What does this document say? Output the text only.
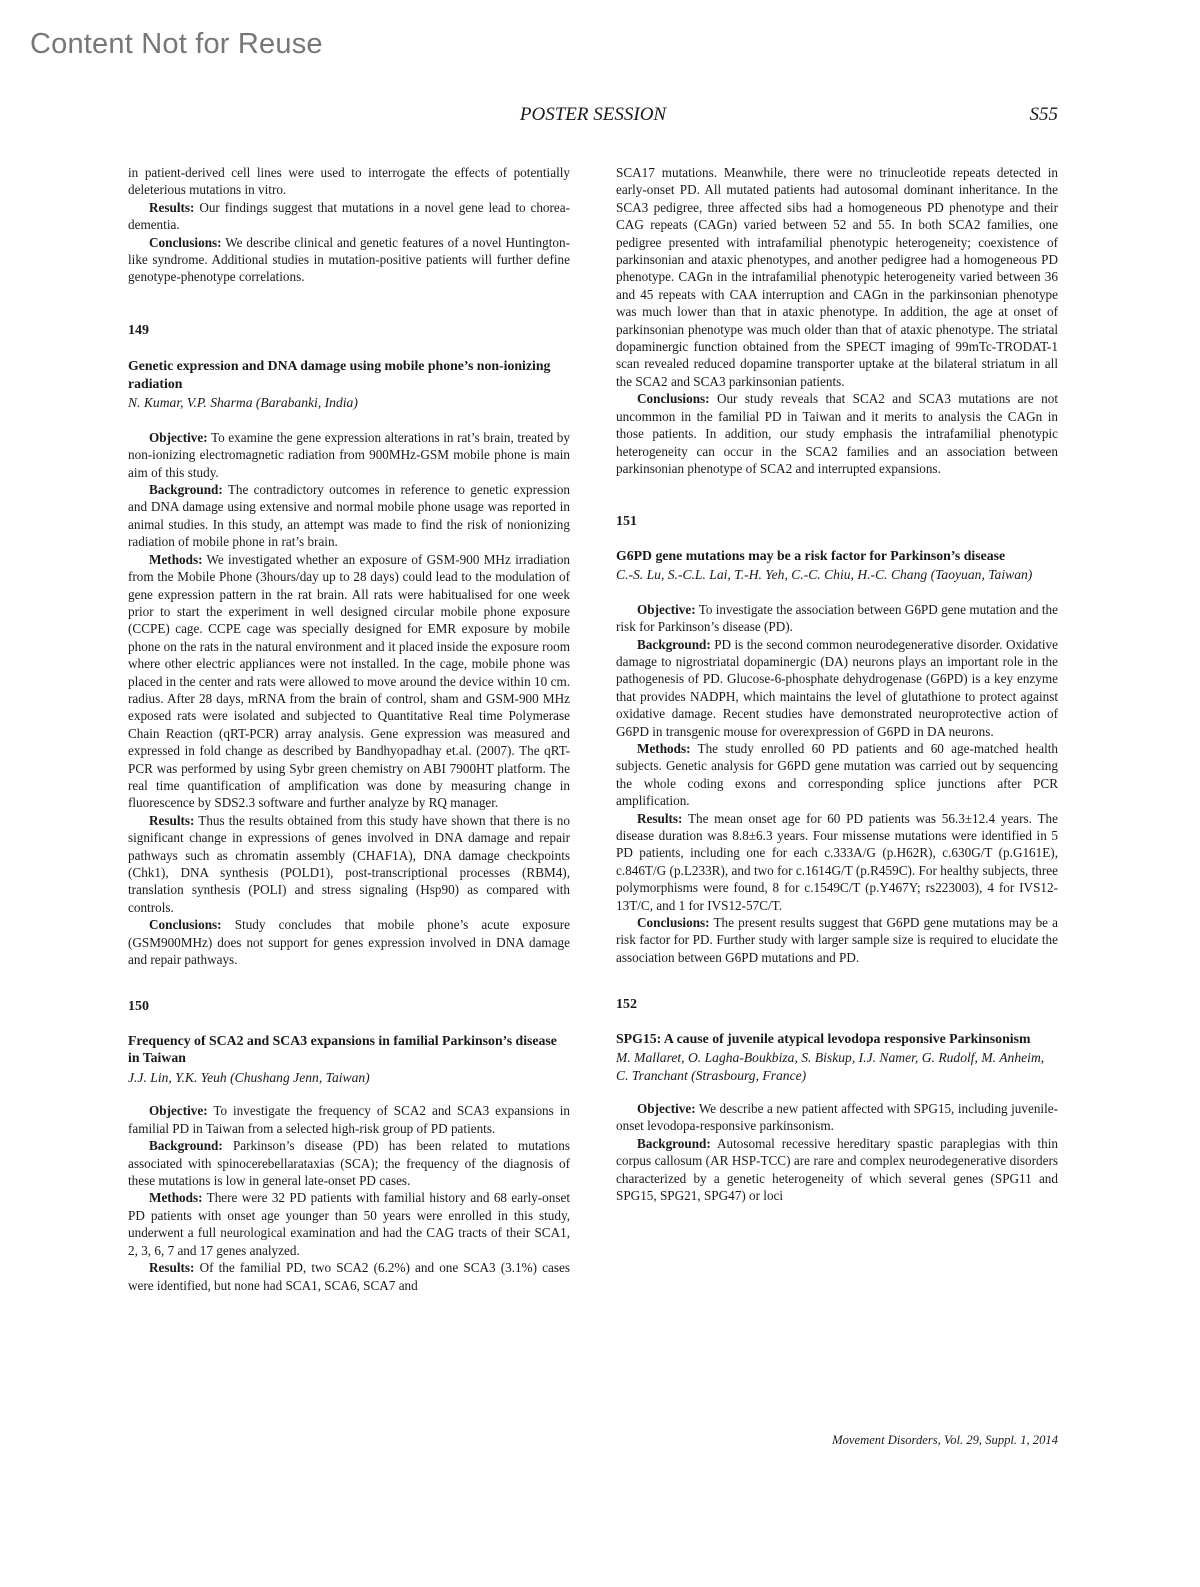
Content Not for Reuse
POSTER SESSION	S55

in patient-derived cell lines were used to interrogate the effects of potentially deleterious mutations in vitro.

Results: Our findings suggest that mutations in a novel gene lead to chorea-dementia.

Conclusions: We describe clinical and genetic features of a novel Huntington-like syndrome. Additional studies in mutation-positive patients will further define genotype-phenotype correlations.

149

Genetic expression and DNA damage using mobile phone’s non-ionizing radiation

N. Kumar, V.P. Sharma (Barabanki, India)

Objective: To examine the gene expression alterations in rat’s brain, treated by non-ionizing electromagnetic radiation from 900MHz-GSM mobile phone is main aim of this study.

Background: The contradictory outcomes in reference to genetic expression and DNA damage using extensive and normal mobile phone usage was reported in animal studies. In this study, an attempt was made to find the risk of nonionizing radiation of mobile phone in rat’s brain.

Methods: We investigated whether an exposure of GSM-900 MHz irradiation from the Mobile Phone (3hours/day up to 28 days) could lead to the modulation of gene expression pattern in the rat brain. All rats were habitualised for one week prior to start the experiment in well designed circular mobile phone exposure (CCPE) cage. CCPE cage was specially designed for EMR exposure by mobile phone on the rats in the natural environment and it placed inside the exposure room where other electric appliances were not installed. In the cage, mobile phone was placed in the center and rats were allowed to move around the device within 10 cm. radius. After 28 days, mRNA from the brain of control, sham and GSM-900 MHz exposed rats were isolated and subjected to Quantitative Real time Polymerase Chain Reaction (qRT-PCR) array analysis. Gene expression was measured and expressed in fold change as described by Bandhyopadhay et.al. (2007). The qRT-PCR was performed by using Sybr green chemistry on ABI 7900HT platform. The real time quantification of amplification was done by measuring change in fluorescence by SDS2.3 software and further analyze by RQ manager.

Results: Thus the results obtained from this study have shown that there is no significant change in expressions of genes involved in DNA damage and repair pathways such as chromatin assembly (CHAF1A), DNA damage checkpoints (Chk1), DNA synthesis (POLD1), post-transcriptional processes (RBM4), translation synthesis (POLI) and stress signaling (Hsp90) as compared with controls.

Conclusions: Study concludes that mobile phone’s acute exposure (GSM900MHz) does not support for genes expression involved in DNA damage and repair pathways.

150

Frequency of SCA2 and SCA3 expansions in familial Parkinson’s disease in Taiwan

J.J. Lin, Y.K. Yeuh (Chushang Jenn, Taiwan)

Objective: To investigate the frequency of SCA2 and SCA3 expansions in familial PD in Taiwan from a selected high-risk group of PD patients.

Background: Parkinson’s disease (PD) has been related to mutations associated with spinocerebellarataxias (SCA); the frequency of the diagnosis of these mutations is low in general late-onset PD cases.

Methods: There were 32 PD patients with familial history and 68 early-onset PD patients with onset age younger than 50 years were enrolled in this study, underwent a full neurological examination and had the CAG tracts of their SCA1, 2, 3, 6, 7 and 17 genes analyzed.

Results: Of the familial PD, two SCA2 (6.2%) and one SCA3 (3.1%) cases were identified, but none had SCA1, SCA6, SCA7 and

SCA17 mutations. Meanwhile, there were no trinucleotide repeats detected in early-onset PD. All mutated patients had autosomal dominant inheritance. In the SCA3 pedigree, three affected sibs had a homogeneous PD phenotype and their CAG repeats (CAGn) varied between 52 and 55. In both SCA2 families, one pedigree presented with intrafamilial phenotypic heterogeneity; coexistence of parkinsonian and ataxic phenotypes, and another pedigree had a homogeneous PD phenotype. CAGn in the intrafamilial phenotypic heterogeneity varied between 36 and 45 repeats with CAA interruption and CAGn in the parkinsonian phenotype was much lower than that in ataxic phenotype. In addition, the age at onset of parkinsonian phenotype was much older than that of ataxic phenotype. The striatal dopaminergic function obtained from the SPECT imaging of 99mTc-TRODAT-1 scan revealed reduced dopamine transporter uptake at the bilateral striatum in all the SCA2 and SCA3 parkinsonian patients.

Conclusions: Our study reveals that SCA2 and SCA3 mutations are not uncommon in the familial PD in Taiwan and it merits to analysis the CAGn in those patients. In addition, our study emphasis the intrafamilial phenotypic heterogeneity can occur in the SCA2 families and an association between parkinsonian phenotype of SCA2 and interrupted expansions.

151

G6PD gene mutations may be a risk factor for Parkinson’s disease

C.-S. Lu, S.-C.L. Lai, T.-H. Yeh, C.-C. Chiu, H.-C. Chang (Taoyuan, Taiwan)

Objective: To investigate the association between G6PD gene mutation and the risk for Parkinson’s disease (PD).

Background: PD is the second common neurodegenerative disorder. Oxidative damage to nigrostriatal dopaminergic (DA) neurons plays an important role in the pathogenesis of PD. Glucose-6-phosphate dehydrogenase (G6PD) is a key enzyme that provides NADPH, which maintains the level of glutathione to protect against oxidative damage. Recent studies have demonstrated neuroprotective action of G6PD in transgenic mouse for overexpression of G6PD in DA neurons.

Methods: The study enrolled 60 PD patients and 60 age-matched health subjects. Genetic analysis for G6PD gene mutation was carried out by sequencing the whole coding exons and corresponding splice junctions after PCR amplification.

Results: The mean onset age for 60 PD patients was 56.3±12.4 years. The disease duration was 8.8±6.3 years. Four missense mutations were identified in 5 PD patients, including one for each c.333A/G (p.H62R), c.630G/T (p.G161E), c.846T/G (p.L233R), and two for c.1614G/T (p.R459C). For healthy subjects, three polymorphisms were found, 8 for c.1549C/T (p.Y467Y; rs223003), 4 for IVS12-13T/C, and 1 for IVS12-57C/T.

Conclusions: The present results suggest that G6PD gene mutations may be a risk factor for PD. Further study with larger sample size is required to elucidate the association between G6PD mutations and PD.

152

SPG15: A cause of juvenile atypical levodopa responsive Parkinsonism

M. Mallaret, O. Lagha-Boukbiza, S. Biskup, I.J. Namer, G. Rudolf, M. Anheim, C. Tranchant (Strasbourg, France)

Objective: We describe a new patient affected with SPG15, including juvenile- onset levodopa-responsive parkinsonism.

Background: Autosomal recessive hereditary spastic paraplegias with thin corpus callosum (AR HSP-TCC) are rare and complex neurodegenerative disorders characterized by a genetic heterogeneity of which several genes (SPG11 and SPG15, SPG21, SPG47) or loci

Movement Disorders, Vol. 29, Suppl. 1, 2014
